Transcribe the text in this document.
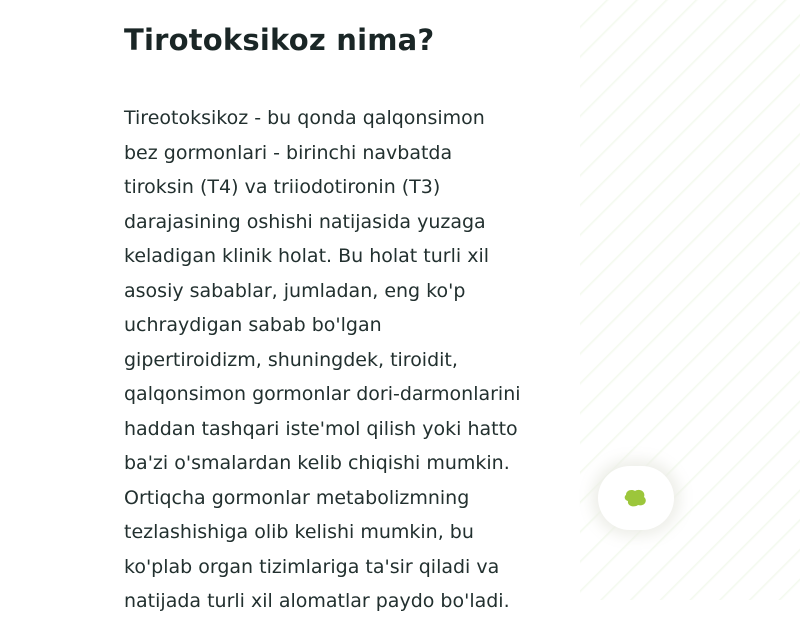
Tirotoksikoz nima?

Tireotoksikoz - bu qonda qalqonsimon
bez gormonlari - birinchi navbatda
tiroksin (T4) va triiodotironin (T3)
darajasining oshishi natijasida yuzaga
keladigan klinik holat. Bu holat turli xil
asosiy sabablar, jumladan, eng ko'p
uchraydigan sabab bo'lgan
gipertiroidizm, shuningdek, tiroidit,
qalqonsimon gormonlar dori-darmonlarini
haddan tashqari iste'mol qilish yoki hatto
ba'zi o'smalardan kelib chiqishi mumkin.
Ortiqcha gormonlar metabolizmning
tezlashishiga olib kelishi mumkin, bu
ko'plab organ tizimlariga ta'sir qiladi va
natijada turli xil alomatlar paydo bo'ladi.
